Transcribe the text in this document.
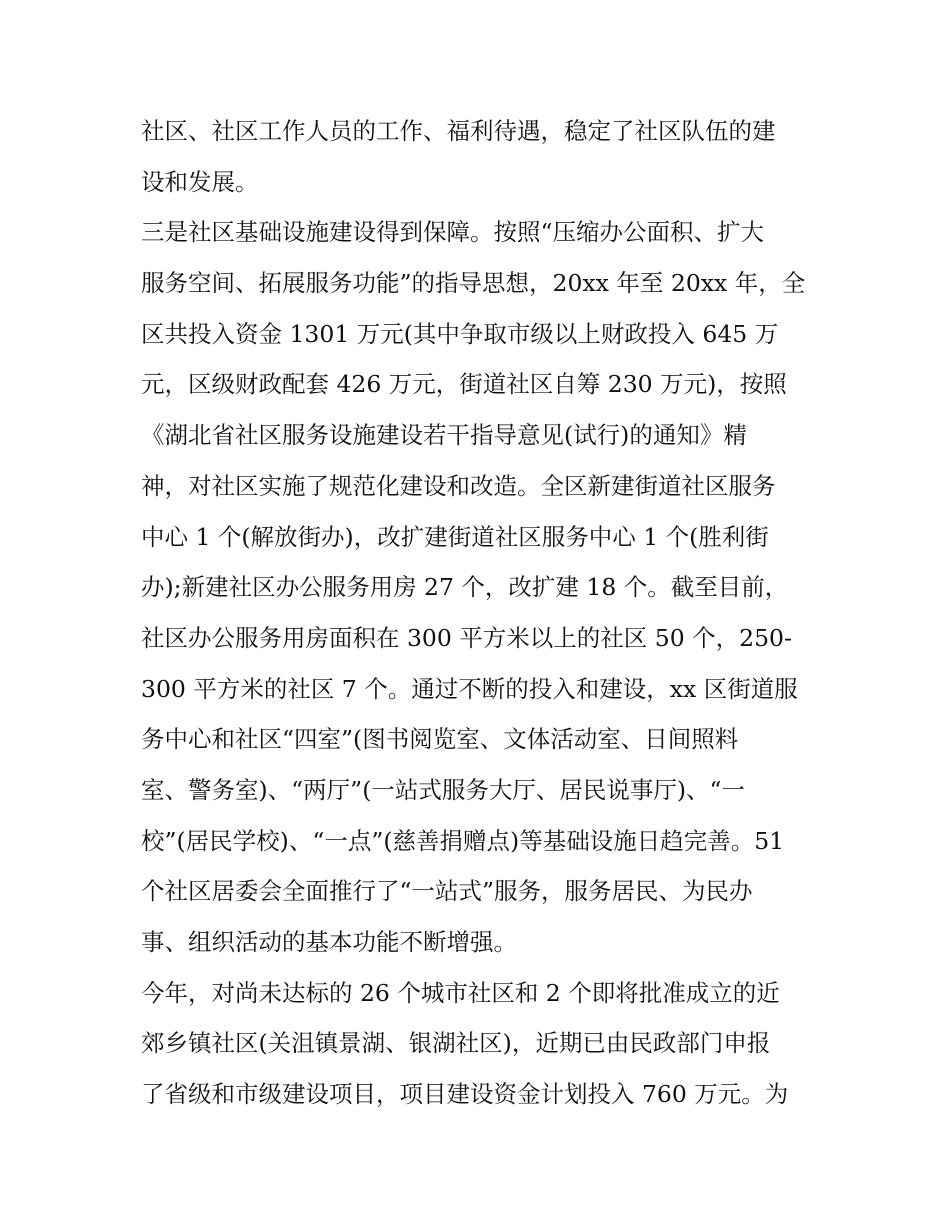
社区、社区工作人员的工作、福利待遇，稳定了社区队伍的建
设和发展。
三是社区基础设施建设得到保障。按照“压缩办公面积、扩大
服务空间、拓展服务功能”的指导思想，20xx 年至 20xx 年，全
区共投入资金 1301 万元(其中争取市级以上财政投入 645 万
元，区级财政配套 426 万元，街道社区自筹 230 万元)，按照
《湖北省社区服务设施建设若干指导意见(试行)的通知》精
神，对社区实施了规范化建设和改造。全区新建街道社区服务
中心 1 个(解放街办)，改扩建街道社区服务中心 1 个(胜利街
办);新建社区办公服务用房 27 个，改扩建 18 个。截至目前，
社区办公服务用房面积在 300 平方米以上的社区 50 个，250-
300 平方米的社区 7 个。通过不断的投入和建设，xx 区街道服
务中心和社区“四室”(图书阅览室、文体活动室、日间照料
室、警务室)、“两厅”(一站式服务大厅、居民说事厅)、“一
校”(居民学校)、“一点”(慈善捐赠点)等基础设施日趋完善。51
个社区居委会全面推行了“一站式”服务，服务居民、为民办
事、组织活动的基本功能不断增强。
今年，对尚未达标的 26 个城市社区和 2 个即将批准成立的近
郊乡镇社区(关沮镇景湖、银湖社区)，近期已由民政部门申报
了省级和市级建设项目，项目建设资金计划投入 760 万元。为
